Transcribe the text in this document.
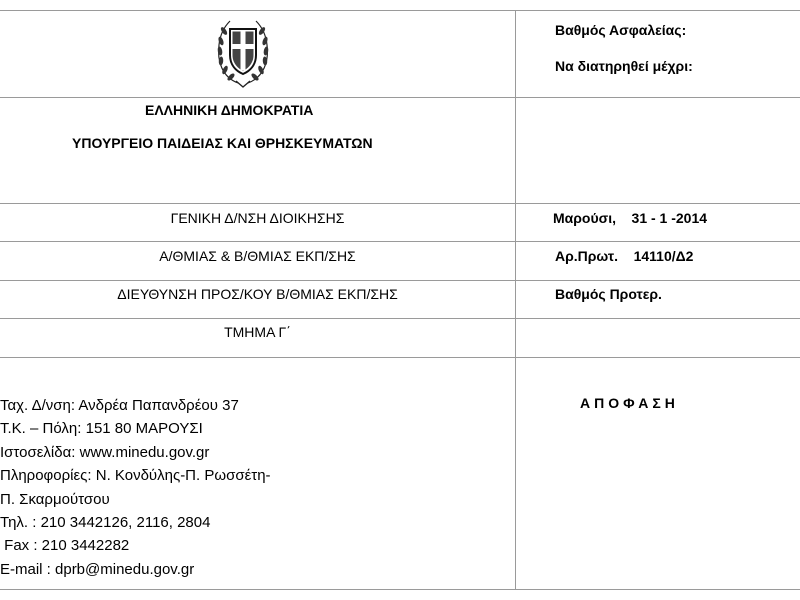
Βαθμός Ασφαλείας:
Να διατηρηθεί μέχρι:
ΕΛΛΗΝΙΚΗ ΔΗΜΟΚΡΑΤΙΑ
ΥΠΟΥΡΓΕΙΟ ΠΑΙΔΕΙΑΣ ΚΑΙ ΘΡΗΣΚΕΥΜΑΤΩΝ
ΓΕΝΙΚΗ Δ/ΝΣΗ ΔΙΟΙΚΗΣΗΣ	Μαρούσι,    31 - 1 -2014
Α/ΘΜΙΑΣ & Β/ΘΜΙΑΣ ΕΚΠ/ΣΗΣ	Αρ.Πρωτ.    14110/Δ2
ΔΙΕΥΘΥΝΣΗ ΠΡΟΣ/ΚΟΥ Β/ΘΜΙΑΣ ΕΚΠ/ΣΗΣ	Βαθμός Προτερ.
ΤΜΗΜΑ Γ΄
Ταχ. Δ/νση: Ανδρέα Παπανδρέου 37
Τ.Κ. – Πόλη: 151 80 ΜΑΡΟΥΣΙ
Ιστοσελίδα: www.minedu.gov.gr
Πληροφορίες: Ν. Κονδύλης-Π. Ρωσσέτη-
Π. Σκαρμούτσου
Τηλ. : 210 3442126, 2116, 2804
Fax : 210 3442282
E-mail : dprb@minedu.gov.gr
ΑΠΟΦΑΣΗ
